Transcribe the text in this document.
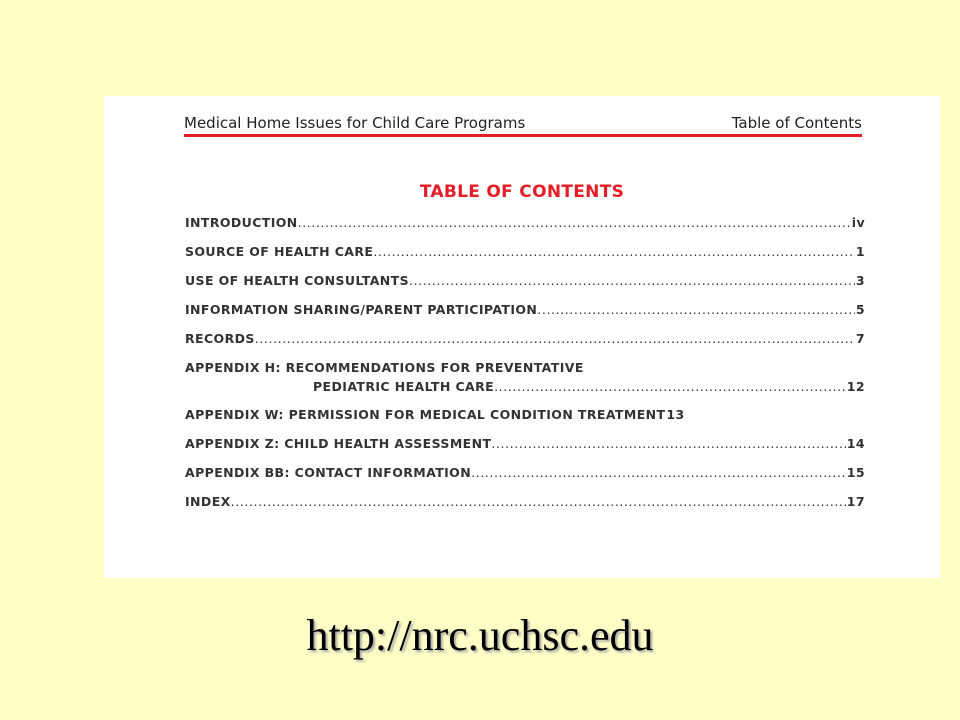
Medical Home Issues for Child Care Programs	Table of Contents
TABLE OF CONTENTS
INTRODUCTION .....	iv
SOURCE OF HEALTH CARE .....	1
USE OF HEALTH CONSULTANTS .....	3
INFORMATION SHARING/PARENT PARTICIPATION .....	5
RECORDS .....	7
APPENDIX H: RECOMMENDATIONS FOR PREVENTATIVE
PEDIATRIC HEALTH CARE .....	12
APPENDIX W: PERMISSION FOR MEDICAL CONDITION TREATMENT13
APPENDIX Z: CHILD HEALTH ASSESSMENT .....	14
APPENDIX BB: CONTACT INFORMATION .....	15
INDEX .....	17
http://nrc.uchsc.edu
